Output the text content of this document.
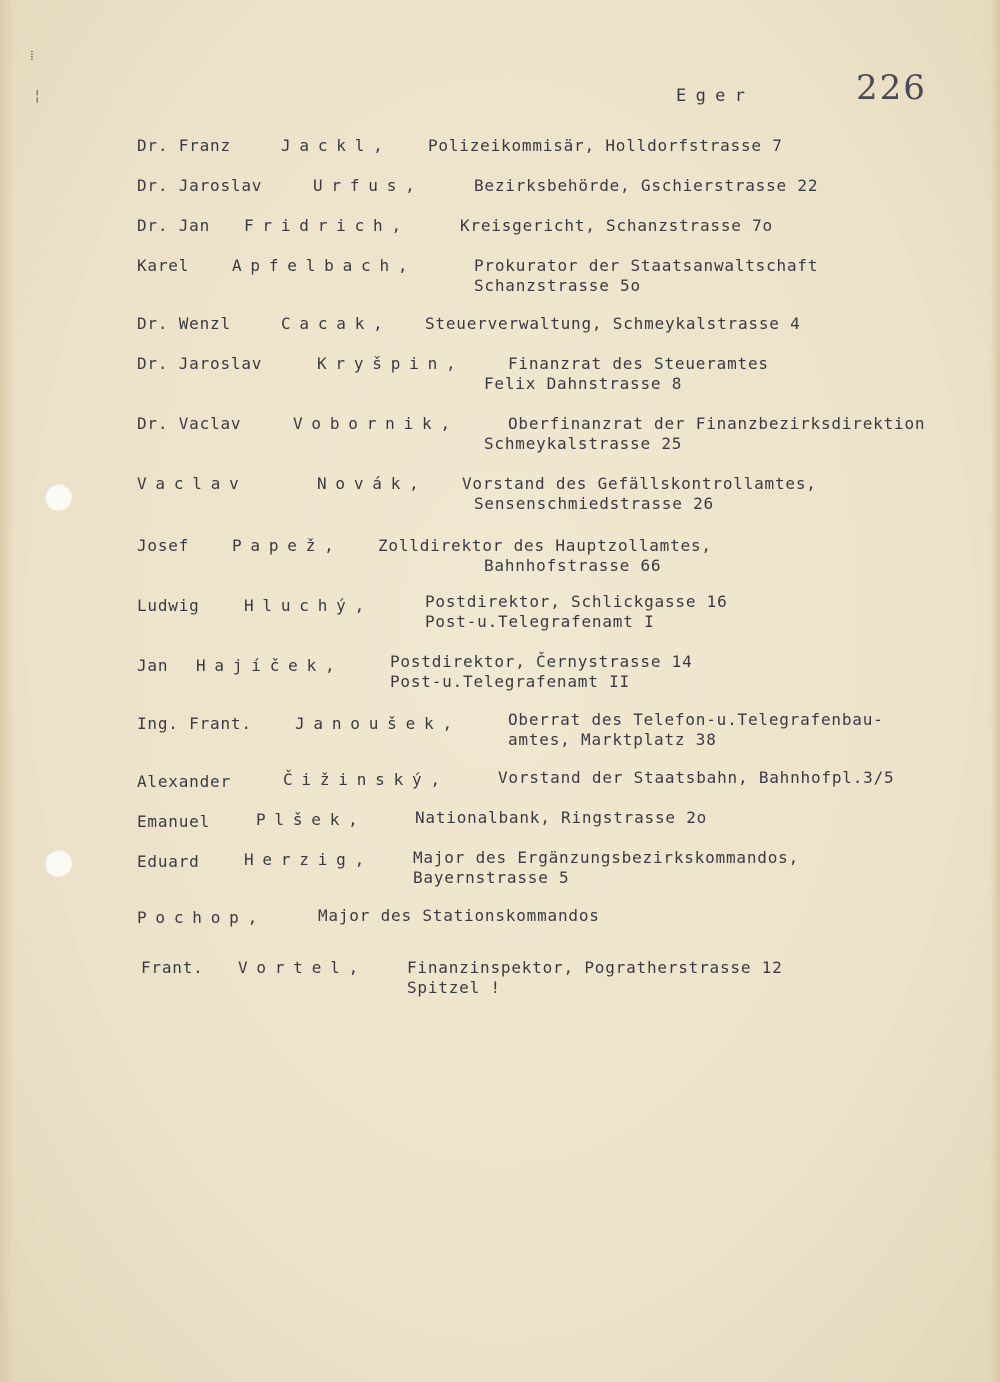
⁞
¦	Eger	226
Dr. Franz	Jackl, Polizeikommisär, Holldorfstrasse 7
Dr. Jaroslav	Urfus,	Bezirksbehörde, Gschierstrasse 22
Dr. Jan Fridrich,	Kreisgericht, Schanzstrasse 7o
Karel	Apfelbach,	Prokurator der Staatsanwaltschaft
Schanzstrasse 5o
Dr. Wenzl	Cacak, Steuerverwaltung, Schmeykalstrasse 4
Dr. Jaroslav	Kryšpin,	Finanzrat des Steueramtes
Felix Dahnstrasse 8
Dr. Vaclav	Vobornik,	Oberfinanzrat der Finanzbezirksdirektion
Schmeykalstrasse 25
Vaclav	Novák, Vorstand des Gefällskontrollamtes,
Sensenschmiedstrasse 26
Josef	Papež, Zolldirektor des Hauptzollamtes,
Bahnhofstrasse 66
Ludwig	Hluchý,	Postdirektor, Schlickgasse 16
Post-u.Telegrafenamt I
Jan Hajíček,	Postdirektor, Černystrasse 14
Post-u.Telegrafenamt II
Ing. Frant.	Janoušek,	Oberrat des Telefon-u.Telegrafenbau-
amtes, Marktplatz 38
Alexander	Čižinský,	Vorstand der Staatsbahn, Bahnhofpl.3/5
Emanuel	Plšek,	Nationalbank, Ringstrasse 2o
Eduard	Herzig, Major des Ergänzungsbezirkskommandos,
Bayernstrasse 5
Pochop,	Major des Stationskommandos
Frant. Vortel, Finanzinspektor, Pogratherstrasse 12
Spitzel !
